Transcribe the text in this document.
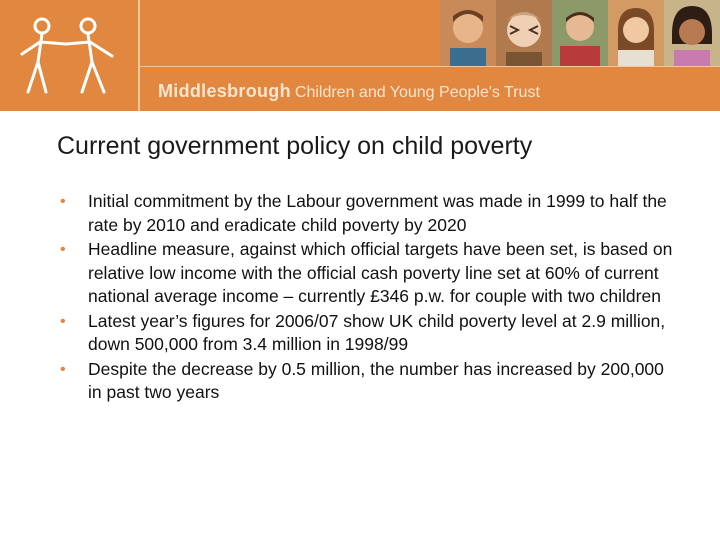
Middlesbrough Children and Young People's Trust
Current government policy on child poverty
• Initial commitment by the Labour government was made in 1999 to half the rate by 2010 and eradicate child poverty by 2020
• Headline measure, against which official targets have been set, is based on relative low income with the official cash poverty line set at 60% of current national average income – currently £346 p.w. for couple with two children
• Latest year’s figures for 2006/07 show UK child poverty level at 2.9 million, down 500,000 from 3.4 million in 1998/99
• Despite the decrease by 0.5 million, the number has increased by 200,000 in past two years
